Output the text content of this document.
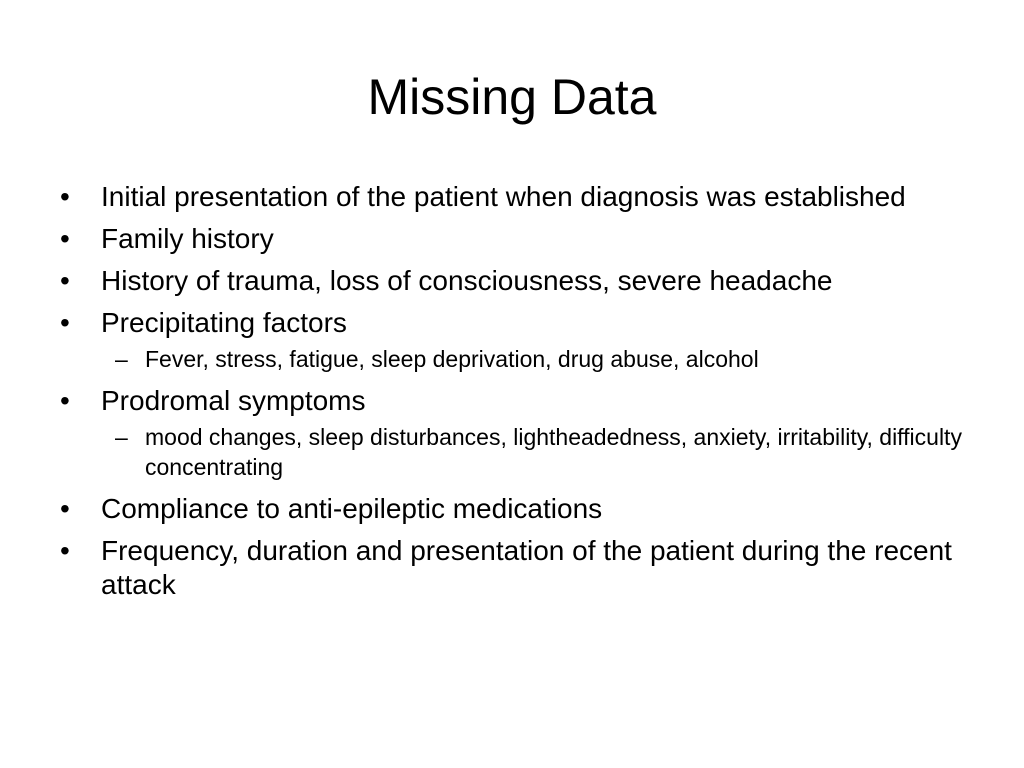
Missing Data
•	Initial presentation of the patient when diagnosis was established
•	Family history
•	History of trauma, loss of consciousness, severe headache
•	Precipitating factors
– Fever, stress, fatigue, sleep deprivation, drug abuse, alcohol
•	Prodromal symptoms
– mood changes, sleep disturbances, lightheadedness, anxiety, irritability, difficulty concentrating
•	Compliance to anti-epileptic medications
•	Frequency, duration and presentation of the patient during the recent attack
